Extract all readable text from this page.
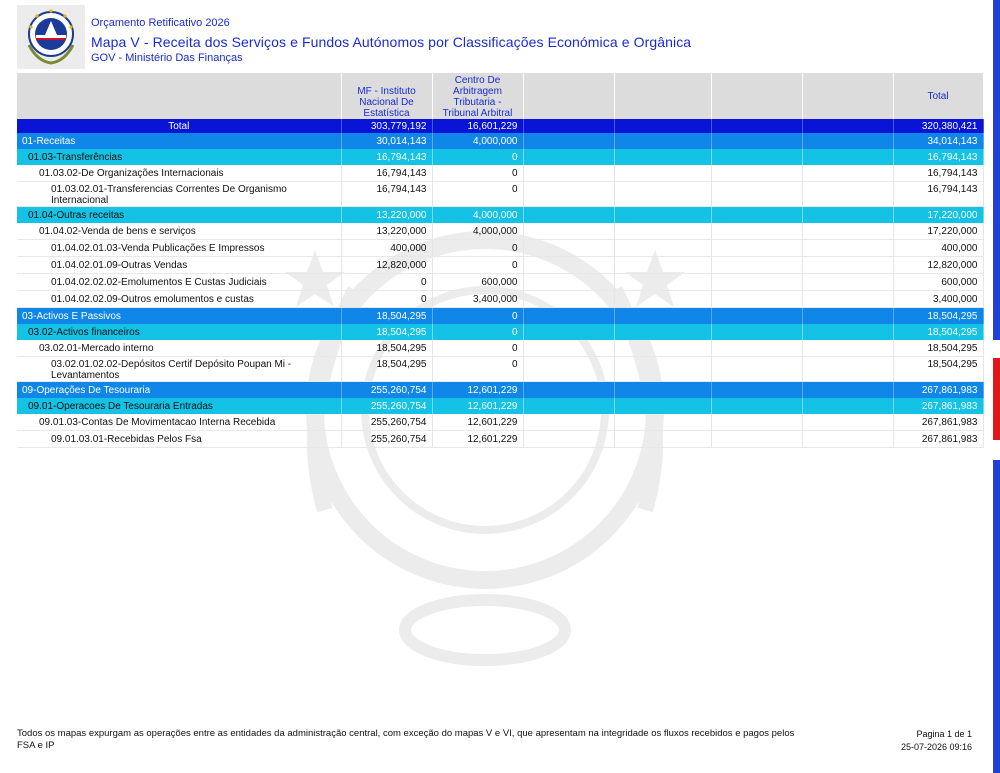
Orçamento Retificativo 2026
Mapa V - Receita dos Serviços e Fundos Autónomos por Classificações Económica e Orgânica
GOV - Ministério Das Finanças
	MF - Instituto Nacional De Estatística	Centro De Arbitragem Tributaria - Tribunal Arbitral					Total
Total	303,779,192	16,601,229					320,380,421
01-Receitas	30,014,143	4,000,000					34,014,143
01.03-Transferências	16,794,143	0					16,794,143
01.03.02-De Organizações Internacionais	16,794,143	0					16,794,143
01.03.02.01-Transferencias Correntes De Organismo Internacional	16,794,143	0					16,794,143
01.04-Outras receitas	13,220,000	4,000,000					17,220,000
01.04.02-Venda de bens e serviços	13,220,000	4,000,000					17,220,000
01.04.02.01.03-Venda Publicações E Impressos	400,000	0					400,000
01.04.02.01.09-Outras Vendas	12,820,000	0					12,820,000
01.04.02.02.02-Emolumentos E Custas Judiciais	0	600,000					600,000
01.04.02.02.09-Outros emolumentos e custas	0	3,400,000					3,400,000
03-Activos E Passivos	18,504,295	0					18,504,295
03.02-Activos financeiros	18,504,295	0					18,504,295
03.02.01-Mercado interno	18,504,295	0					18,504,295
03.02.01.02.02-Depósitos Certif Depósito Poupan Mi - Levantamentos	18,504,295	0					18,504,295
09-Operações De Tesouraria	255,260,754	12,601,229					267,861,983
09.01-Operacoes De Tesouraria Entradas	255,260,754	12,601,229					267,861,983
09.01.03-Contas De Movimentacao Interna Recebida	255,260,754	12,601,229					267,861,983
09.01.03.01-Recebidas Pelos Fsa	255,260,754	12,601,229					267,861,983
Todos os mapas expurgam as operações entre as entidades da administração central, com exceção do mapas V e VI, que apresentam na integridade os fluxos recebidos e pagos pelos FSA e IP
Pagina 1 de 1
25-07-2026 09:16
